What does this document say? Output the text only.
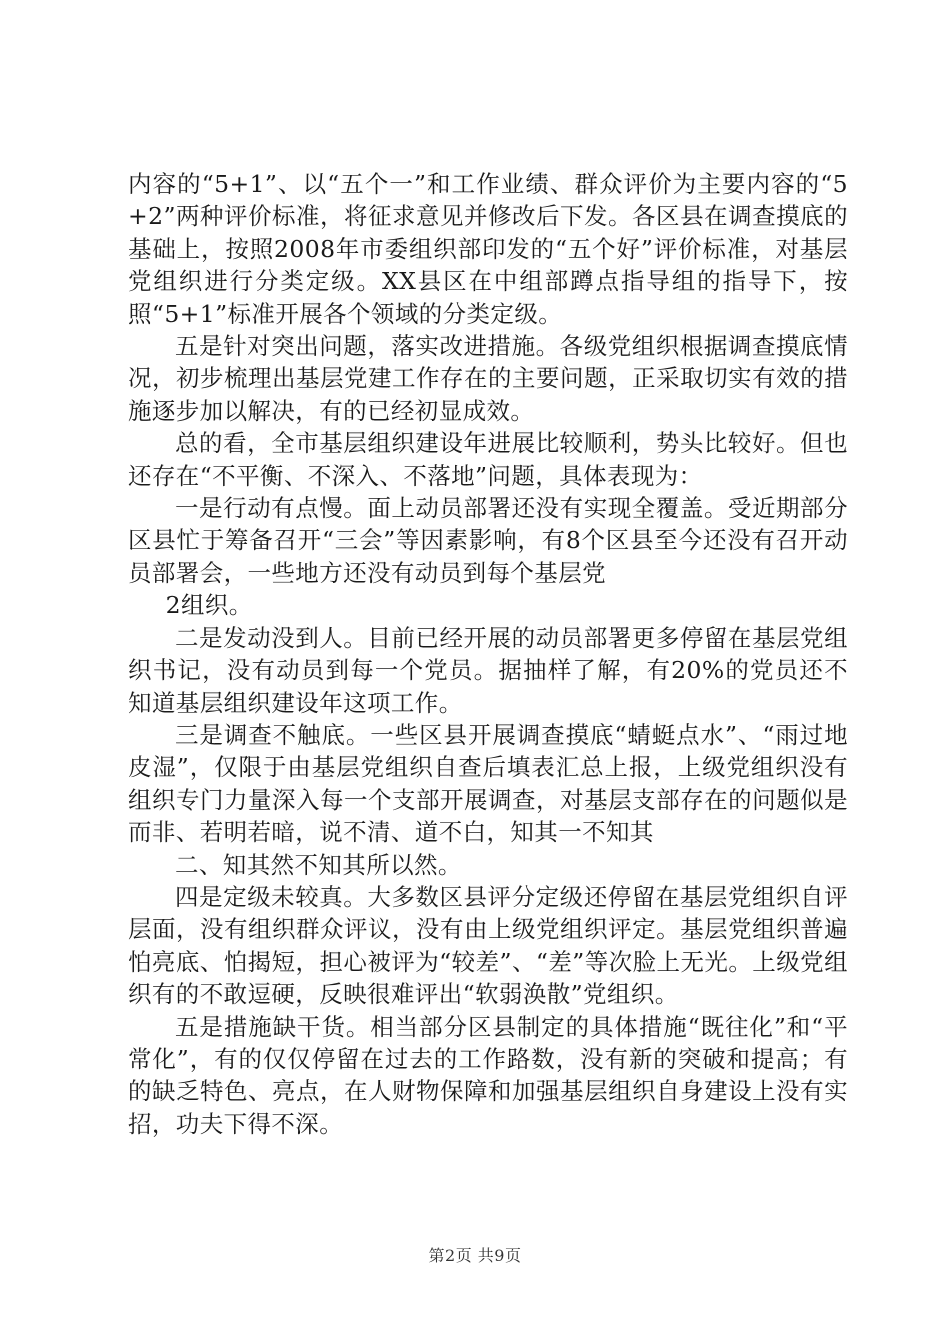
内容的“5+1”、以“五个一”和工作业绩、群众评价为主要内容的“5+2”两种评价标准，将征求意见并修改后下发。各区县在调查摸底的基础上，按照2008年市委组织部印发的“五个好”评价标准，对基层党组织进行分类定级。XX县区在中组部蹲点指导组的指导下，按照“5+1”标准开展各个领域的分类定级。

五是针对突出问题，落实改进措施。各级党组织根据调查摸底情况，初步梳理出基层党建工作存在的主要问题，正采取切实有效的措施逐步加以解决，有的已经初显成效。

总的看，全市基层组织建设年进展比较顺利，势头比较好。但也还存在“不平衡、不深入、不落地”问题，具体表现为：

一是行动有点慢。面上动员部署还没有实现全覆盖。受近期部分区县忙于筹备召开“三会”等因素影响，有8个区县至今还没有召开动员部署会，一些地方还没有动员到每个基层党

2组织。

二是发动没到人。目前已经开展的动员部署更多停留在基层党组织书记，没有动员到每一个党员。据抽样了解，有20%的党员还不知道基层组织建设年这项工作。

三是调查不触底。一些区县开展调查摸底“蜻蜓点水”、“雨过地皮湿”，仅限于由基层党组织自查后填表汇总上报，上级党组织没有组织专门力量深入每一个支部开展调查，对基层支部存在的问题似是而非、若明若暗，说不清、道不白，知其一不知其

二、知其然不知其所以然。

四是定级未较真。大多数区县评分定级还停留在基层党组织自评层面，没有组织群众评议，没有由上级党组织评定。基层党组织普遍怕亮底、怕揭短，担心被评为“较差”、“差”等次脸上无光。上级党组织有的不敢逗硬，反映很难评出“软弱涣散”党组织。

五是措施缺干货。相当部分区县制定的具体措施“既往化”和“平常化”，有的仅仅停留在过去的工作路数，没有新的突破和提高；有的缺乏特色、亮点，在人财物保障和加强基层组织自身建设上没有实招，功夫下得不深。

第2页 共9页
